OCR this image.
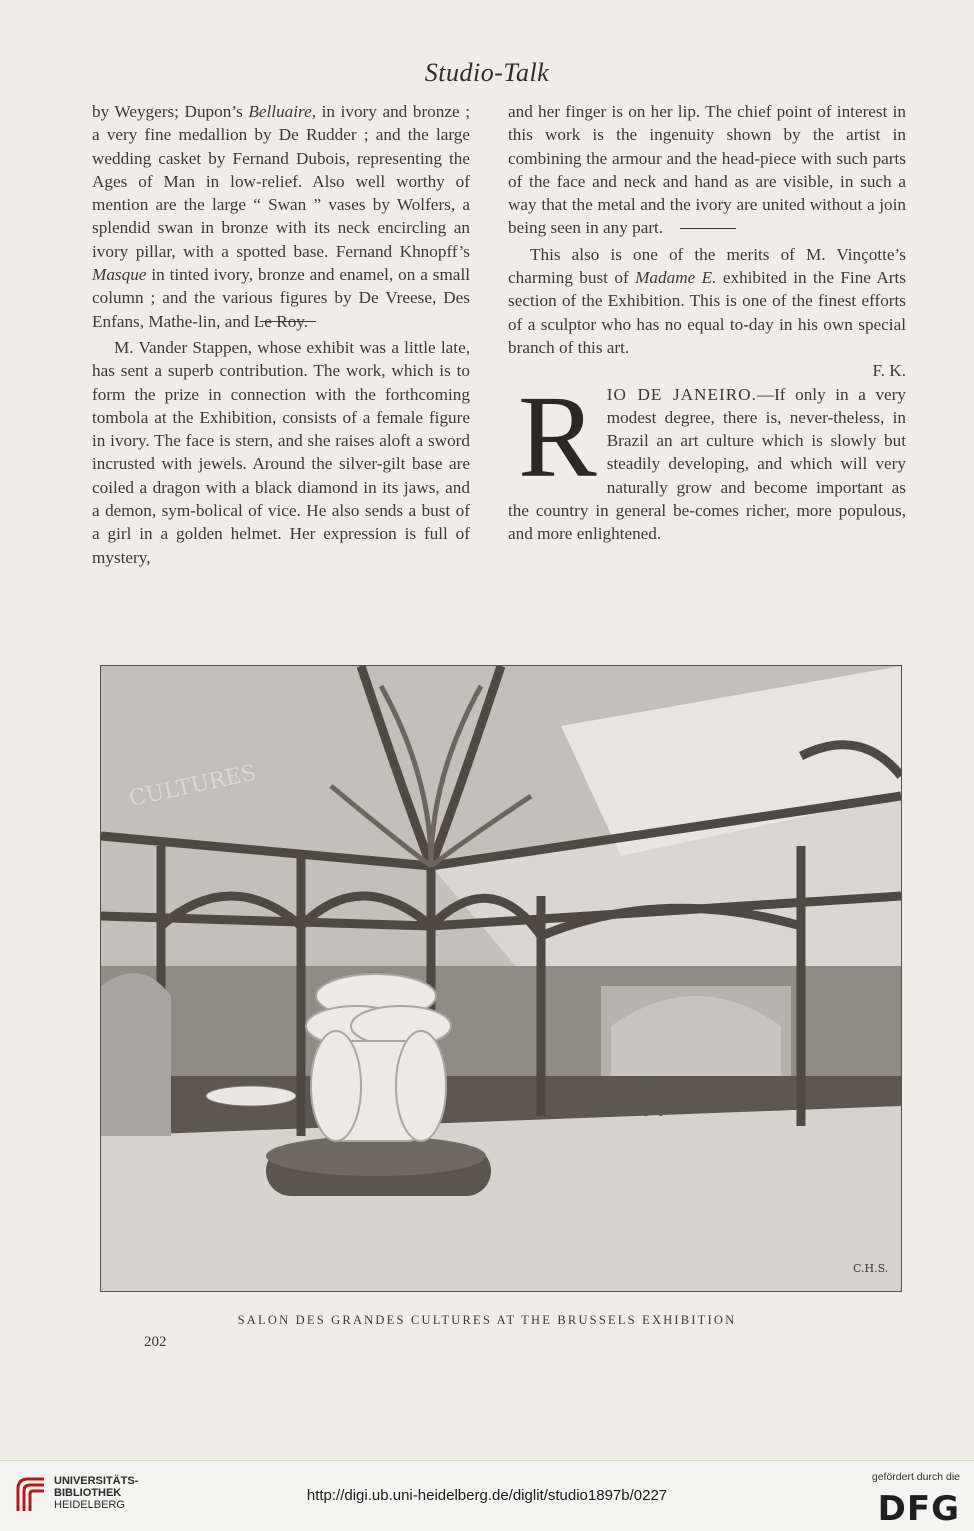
Studio-Talk

by Weygers; Dupon’s Belluaire, in ivory and bronze ; a very fine medallion by De Rudder ; and the large wedding casket by Fernand Dubois, representing the Ages of Man in low-relief. Also well worthy of mention are the large “ Swan ” vases by Wolfers, a splendid swan in bronze with its neck encircling an ivory pillar, with a spotted base. Fernand Khnopff’s Masque in tinted ivory, bronze and enamel, on a small column ; and the various figures by De Vreese, Des Enfans, Mathe-lin, and Le Roy.

M. Vander Stappen, whose exhibit was a little late, has sent a superb contribution. The work, which is to form the prize in connection with the forthcoming tombola at the Exhibition, consists of a female figure in ivory. The face is stern, and she raises aloft a sword incrusted with jewels. Around the silver-gilt base are coiled a dragon with a black diamond in its jaws, and a demon, sym-bolical of vice. He also sends a bust of a girl in a golden helmet. Her expression is full of mystery,

and her finger is on her lip. The chief point of interest in this work is the ingenuity shown by the artist in combining the armour and the head-piece with such parts of the face and neck and hand as are visible, in such a way that the metal and the ivory are united without a join being seen in any part.

This also is one of the merits of M. Vinçotte’s charming bust of Madame E. exhibited in the Fine Arts section of the Exhibition. This is one of the finest efforts of a sculptor who has no equal to-day in his own special branch of this art.

F. K.

RIO DE JANEIRO.—If only in a very modest degree, there is, never-theless, in Brazil an art culture which is slowly but steadily developing, and which will very naturally grow and become important as the country in general be-comes richer, more populous, and more enlightened.

CULTURES
C.H.S.
SALON DES GRANDES CULTURES AT THE BRUSSELS EXHIBITION
202
UNIVERSITÄTS-
BIBLIOTHEK
HEIDELBERG
http://digi.ub.uni-heidelberg.de/diglit/studio1897b/0227
gefördert durch die
DFG
